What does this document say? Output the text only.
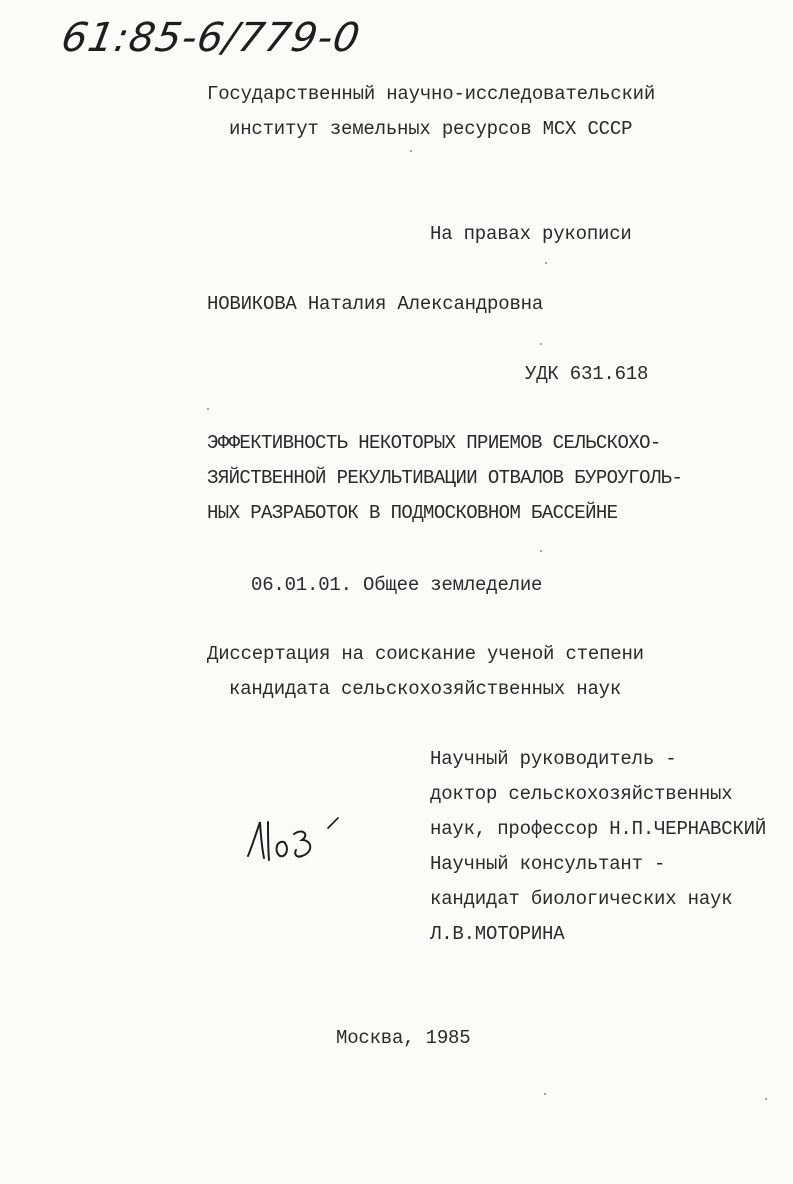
61:85-6/779-0
Государственный научно-исследовательский
институт земельных ресурсов МСХ СССР
На правах рукописи
НОВИКОВА Наталия Александровна
УДК 631.618
ЭФФЕКТИВНОСТЬ НЕКОТОРЫХ ПРИЕМОВ СЕЛЬСКОХО-
ЗЯЙСТВЕННОЙ РЕКУЛЬТИВАЦИИ ОТВАЛОВ БУРОУГОЛЬ-
НЫХ РАЗРАБОТОК В ПОДМОСКОВНОМ БАССЕЙНЕ
06.01.01. Общее земледелие
Диссертация на соискание ученой степени
кандидата сельскохозяйственных наук
Научный руководитель -
доктор сельскохозяйственных
наук, профессор Н.П.ЧЕРНАВСКИЙ
Научный консультант -
кандидат биологических наук
Л.В.МОТОРИНА
Москва, 1985
